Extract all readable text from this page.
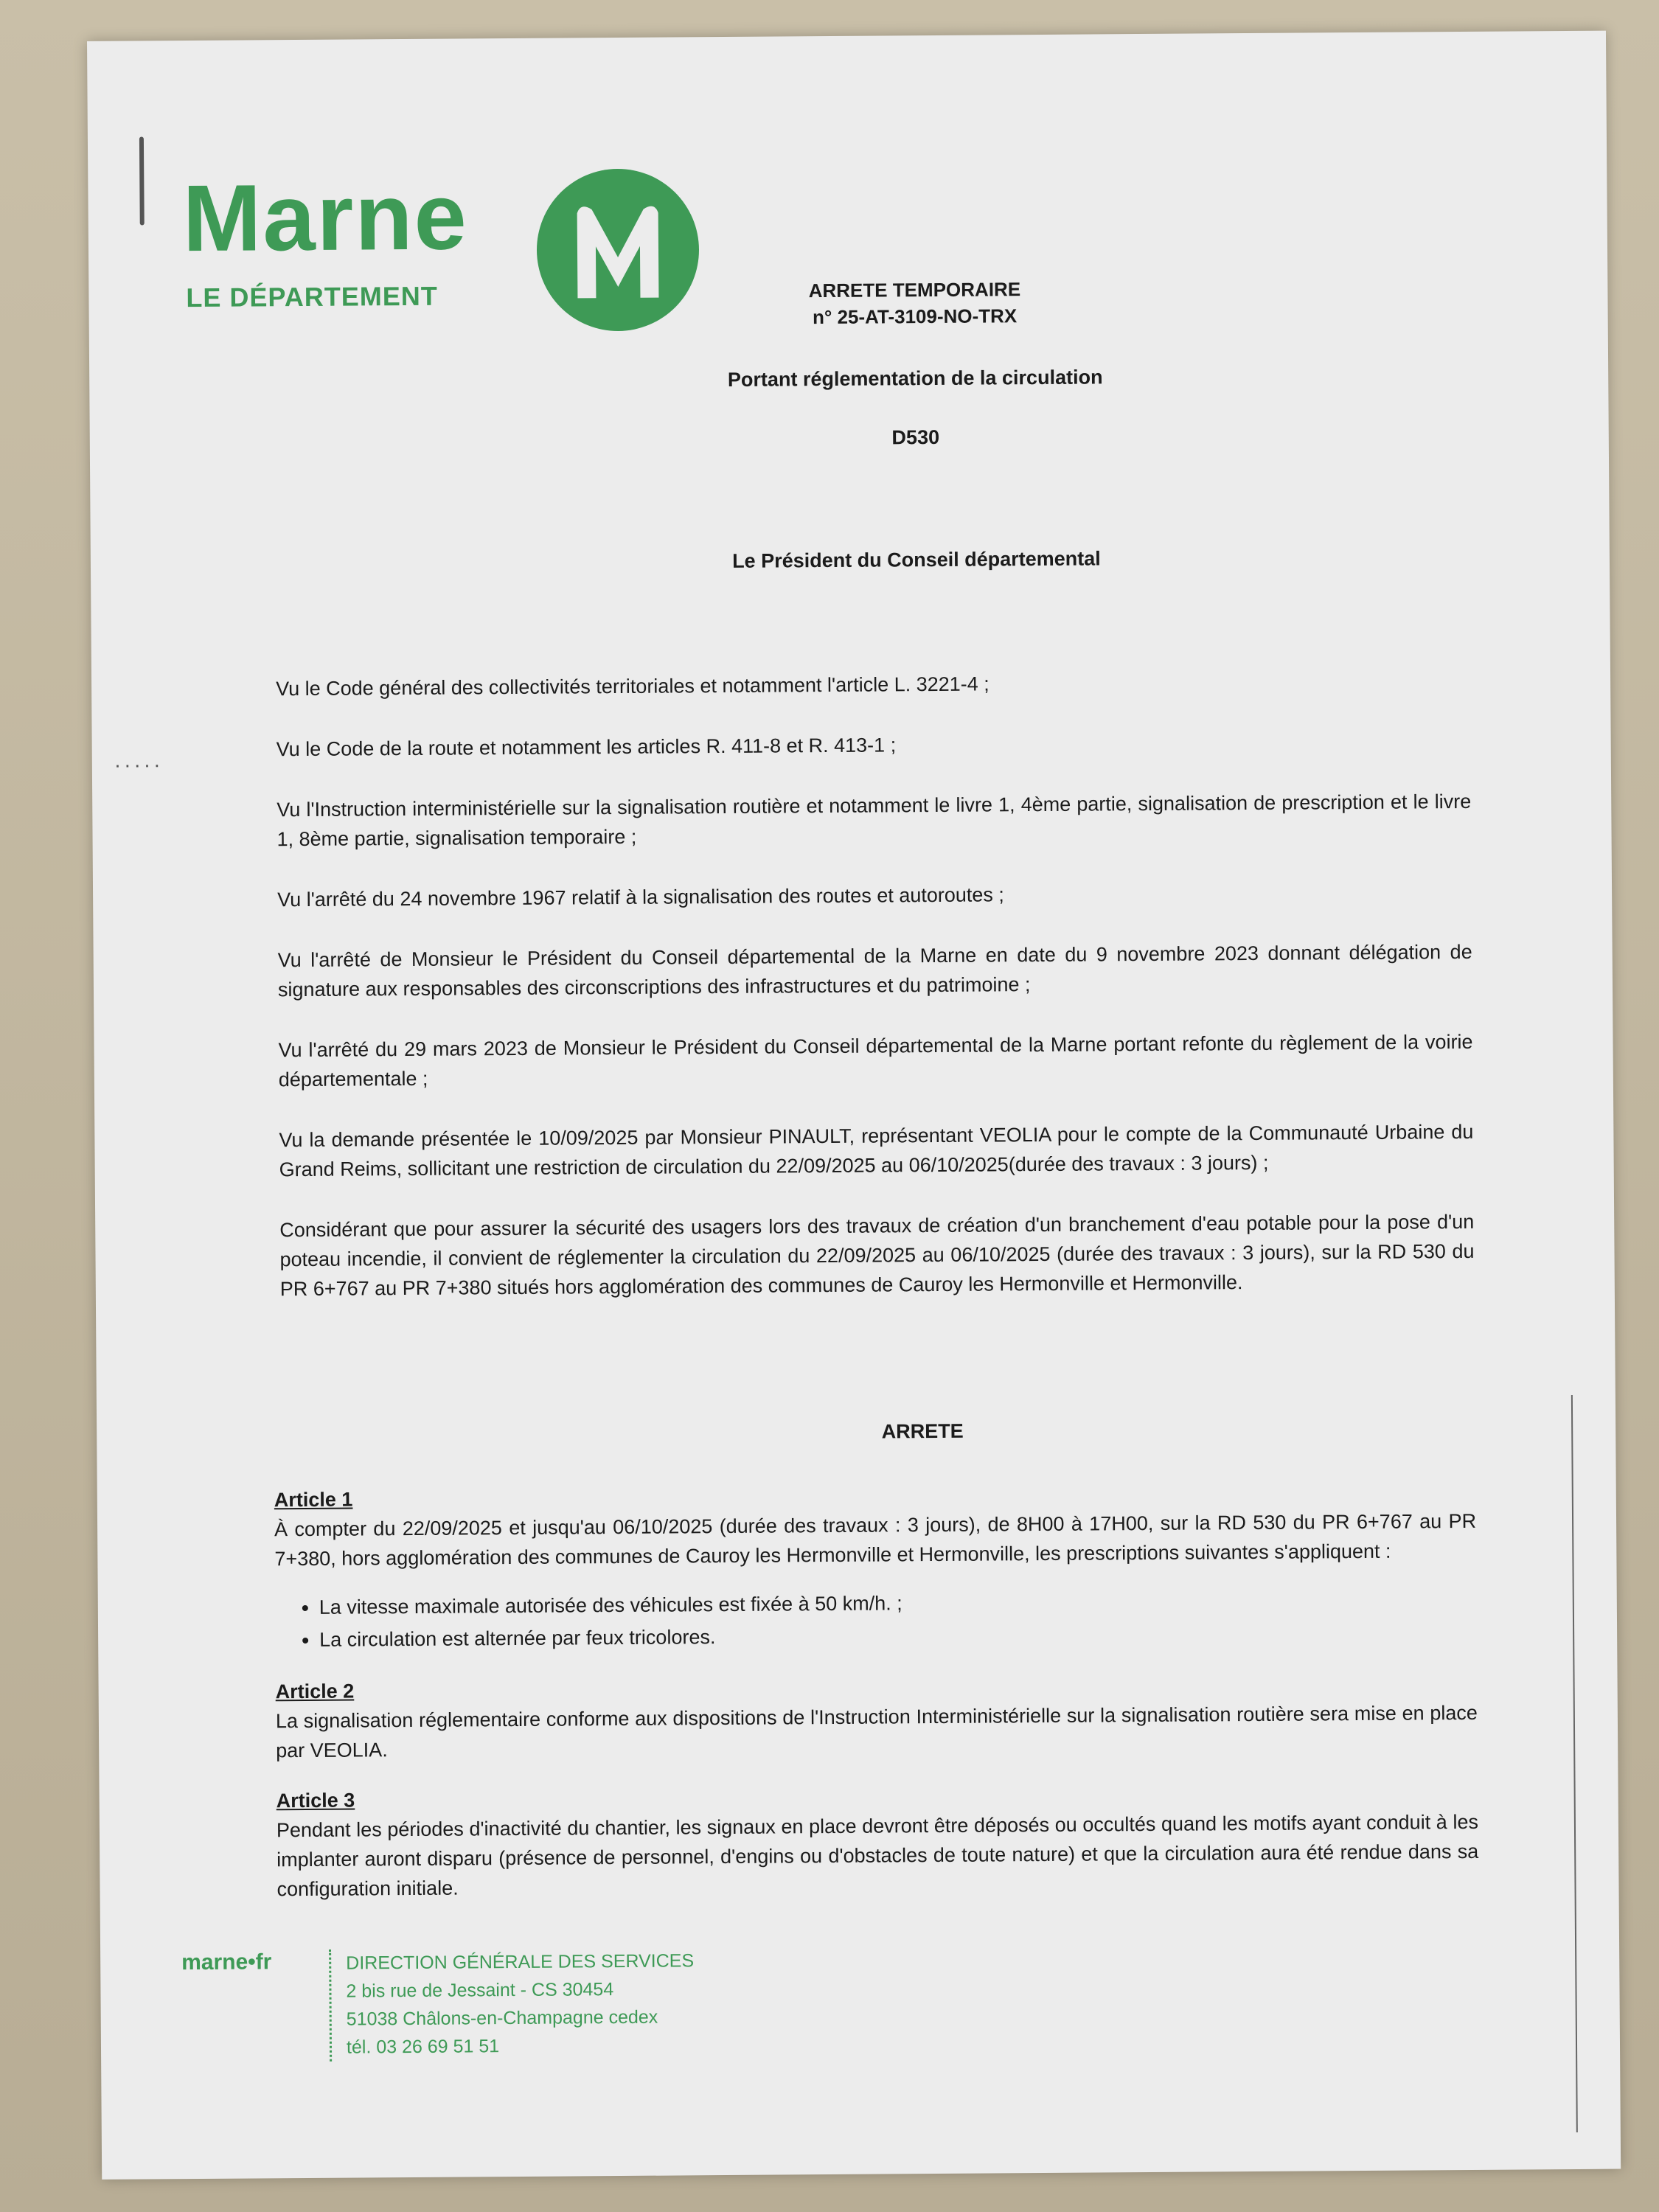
Marne
LE DÉPARTEMENT	ARRETE TEMPORAIRE
n° 25-AT-3109-NO-TRX
Portant réglementation de la circulation
D530
Le Président du Conseil départemental
·····

Vu le Code général des collectivités territoriales et notamment l'article L. 3221-4 ;

Vu le Code de la route et notamment les articles R. 411-8 et R. 413-1 ;

Vu l'Instruction interministérielle sur la signalisation routière et notamment le livre 1, 4ème partie, signalisation de prescription et le livre 1, 8ème partie, signalisation temporaire ;

Vu l'arrêté du 24 novembre 1967 relatif à la signalisation des routes et autoroutes ;

Vu l'arrêté de Monsieur le Président du Conseil départemental de la Marne en date du 9 novembre 2023 donnant délégation de signature aux responsables des circonscriptions des infrastructures et du patrimoine ;

Vu l'arrêté du 29 mars 2023 de Monsieur le Président du Conseil départemental de la Marne portant refonte du règlement de la voirie départementale ;

Vu la demande présentée le 10/09/2025 par Monsieur PINAULT, représentant VEOLIA pour le compte de la Communauté Urbaine du Grand Reims, sollicitant une restriction de circulation du 22/09/2025 au 06/10/2025(durée des travaux : 3 jours) ;

Considérant que pour assurer la sécurité des usagers lors des travaux de création d'un branchement d'eau potable pour la pose d'un poteau incendie, il convient de réglementer la circulation du 22/09/2025 au 06/10/2025 (durée des travaux : 3 jours), sur la RD 530 du PR 6+767 au PR 7+380 situés hors agglomération des communes de Cauroy les Hermonville et Hermonville.

ARRETE

Article 1

À compter du 22/09/2025 et jusqu'au 06/10/2025 (durée des travaux : 3 jours), de 8H00 à 17H00, sur la RD 530 du PR 6+767 au PR 7+380, hors agglomération des communes de Cauroy les Hermonville et Hermonville, les prescriptions suivantes s'appliquent :

• La vitesse maximale autorisée des véhicules est fixée à 50 km/h. ;
• La circulation est alternée par feux tricolores.

Article 2

La signalisation réglementaire conforme aux dispositions de l'Instruction Interministérielle sur la signalisation routière sera mise en place par VEOLIA.

Article 3

Pendant les périodes d'inactivité du chantier, les signaux en place devront être déposés ou occultés quand les motifs ayant conduit à les implanter auront disparu (présence de personnel, d'engins ou d'obstacles de toute nature) et que la circulation aura été rendue dans sa configuration initiale.

marne•fr	DIRECTION GÉNÉRALE DES SERVICES
2 bis rue de Jessaint - CS 30454
51038 Châlons-en-Champagne cedex
tél. 03 26 69 51 51
